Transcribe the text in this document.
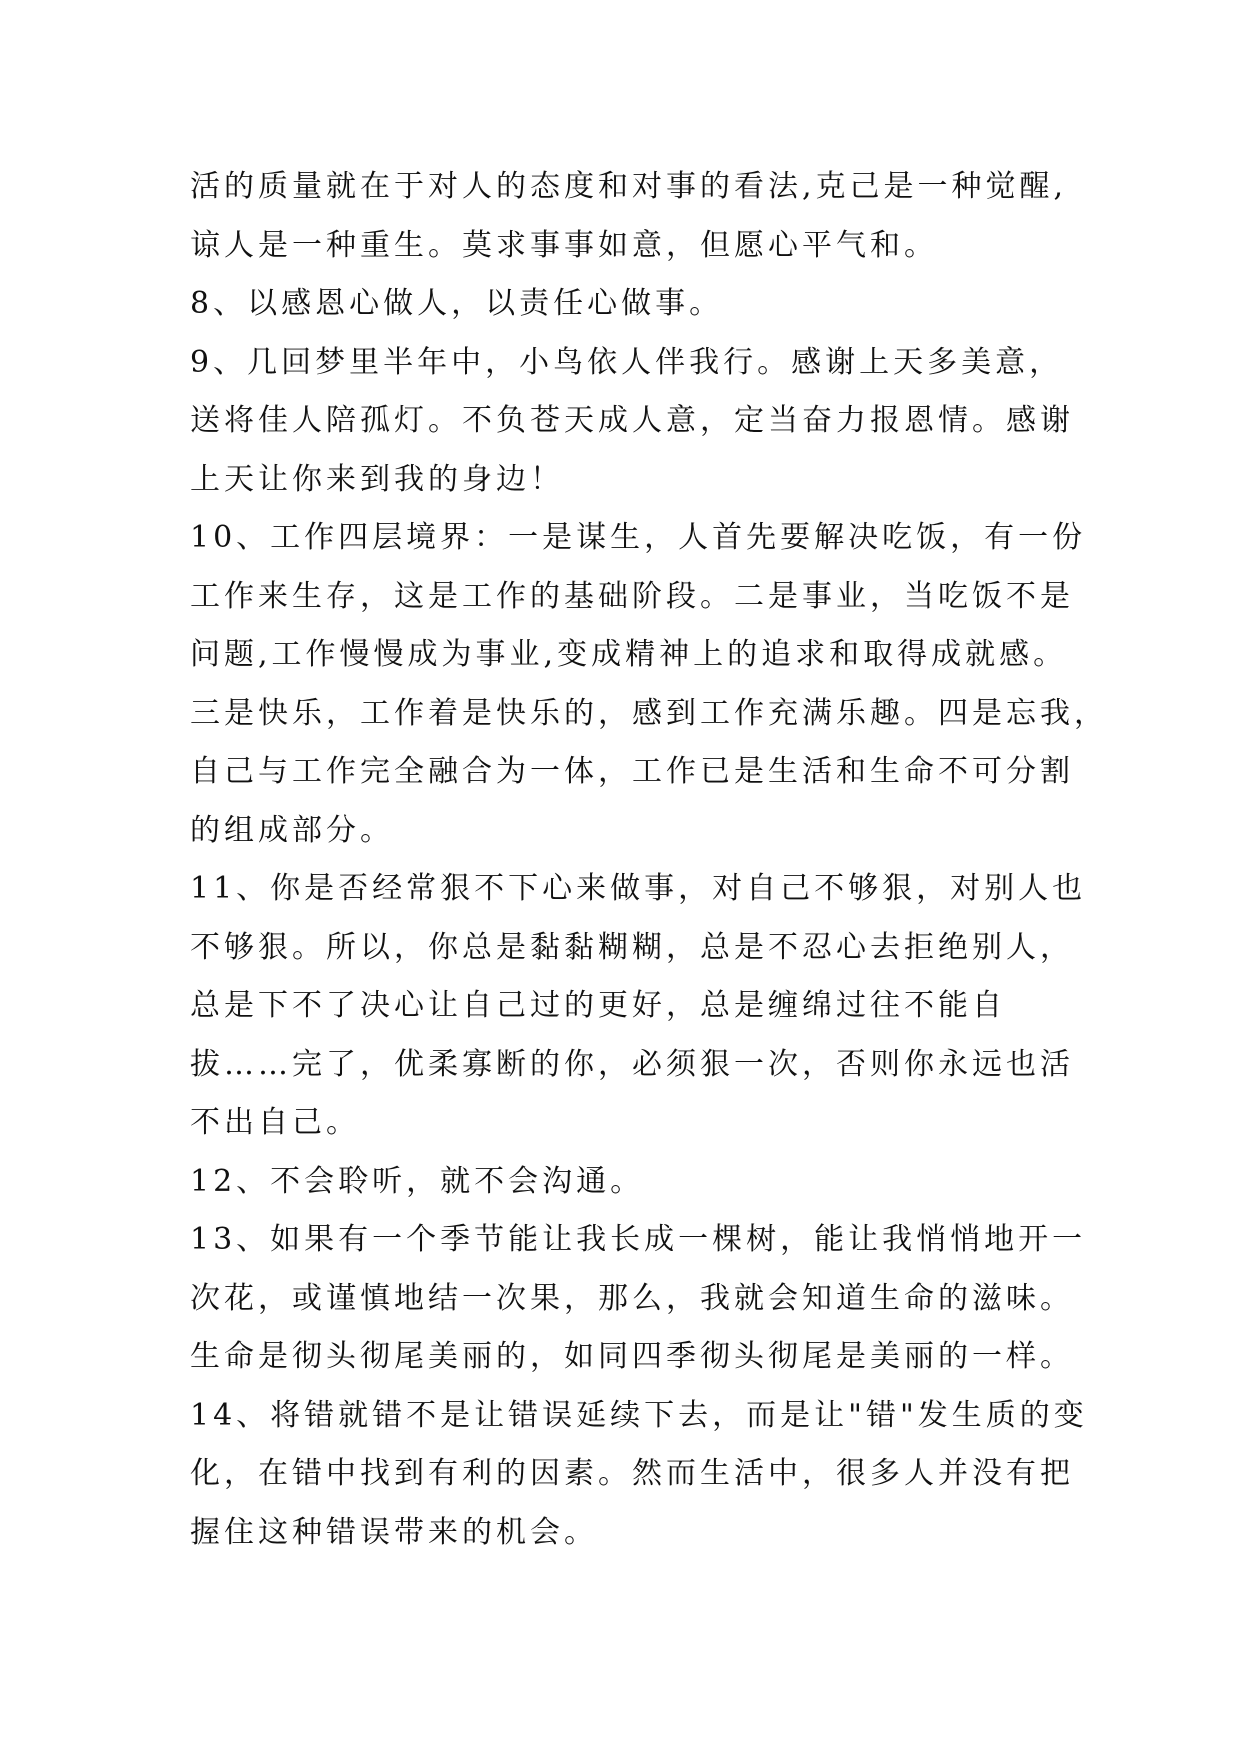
活的质量就在于对人的态度和对事的看法,克己是一种觉醒,
谅人是一种重生。莫求事事如意，但愿心平气和。
8、以感恩心做人，以责任心做事。
9、几回梦里半年中，小鸟依人伴我行。感谢上天多美意，
送将佳人陪孤灯。不负苍天成人意，定当奋力报恩情。感谢
上天让你来到我的身边！
10、工作四层境界：一是谋生，人首先要解决吃饭，有一份
工作来生存，这是工作的基础阶段。二是事业，当吃饭不是
问题,工作慢慢成为事业,变成精神上的追求和取得成就感。
三是快乐，工作着是快乐的，感到工作充满乐趣。四是忘我，
自己与工作完全融合为一体，工作已是生活和生命不可分割
的组成部分。
11、你是否经常狠不下心来做事，对自己不够狠，对别人也
不够狠。所以，你总是黏黏糊糊，总是不忍心去拒绝别人，
总是下不了决心让自己过的更好，总是缠绵过往不能自
拔……完了，优柔寡断的你，必须狠一次，否则你永远也活
不出自己。
12、不会聆听，就不会沟通。
13、如果有一个季节能让我长成一棵树，能让我悄悄地开一
次花，或谨慎地结一次果，那么，我就会知道生命的滋味。
生命是彻头彻尾美丽的，如同四季彻头彻尾是美丽的一样。
14、将错就错不是让错误延续下去，而是让"错"发生质的变
化，在错中找到有利的因素。然而生活中，很多人并没有把
握住这种错误带来的机会。
